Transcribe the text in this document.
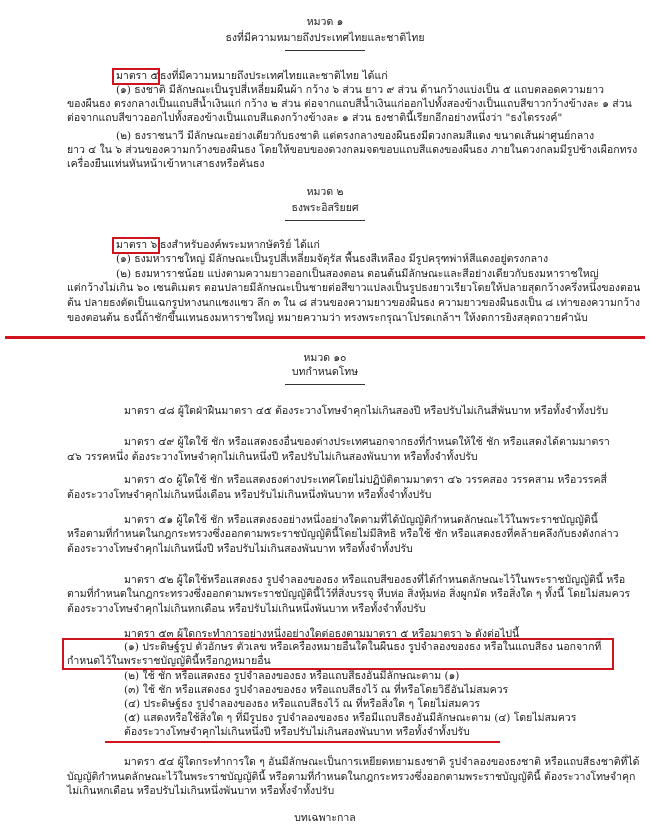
หมวด ๑
ธงที่มีความหมายถึงประเทศไทยและชาติไทย

มาตรา ๕ ธงที่มีความหมายถึงประเทศไทยและชาติไทย ได้แก่

(๑) ธงชาติ มีลักษณะเป็นรูปสี่เหลี่ยมผืนผ้า กว้าง ๖ ส่วน ยาว ๙ ส่วน ด้านกว้างแบ่งเป็น ๕ แถบตลอดความยาว

ของผืนธง ตรงกลางเป็นแถบสีน้ำเงินแก่ กว้าง ๒ ส่วน ต่อจากแถบสีน้ำเงินแก่ออกไปทั้งสองข้างเป็นแถบสีขาวกว้างข้างละ ๑ ส่วน

ต่อจากแถบสีขาวออกไปทั้งสองข้างเป็นแถบสีแดงกว้างข้างละ ๑ ส่วน ธงชาตินี้เรียกอีกอย่างหนึ่งว่า "ธงไตรรงค์"

(๒) ธงราชนาวี มีลักษณะอย่างเดียวกับธงชาติ แต่ตรงกลางของผืนธงมีดวงกลมสีแดง ขนาดเส้นผ่าศูนย์กลาง

ยาว ๔ ใน ๖ ส่วนของความกว้างของผืนธง โดยให้ขอบของดวงกลมจดขอบแถบสีแดงของผืนธง ภายในดวงกลมมีรูปช้างเผือกทรง

เครื่องยืนแท่นหันหน้าเข้าหาเสาธงหรือคันธง

หมวด ๒
ธงพระอิสริยยศ

มาตรา ๖ ธงสำหรับองค์พระมหากษัตริย์ ได้แก่

(๑) ธงมหาราชใหญ่ มีลักษณะเป็นรูปสี่เหลี่ยมจัตุรัส พื้นธงสีเหลือง มีรูปครุฑพ่าห์สีแดงอยู่ตรงกลาง

(๒) ธงมหาราชน้อย แบ่งตามความยาวออกเป็นสองตอน ตอนต้นมีลักษณะและสีอย่างเดียวกับธงมหาราชใหญ่

แต่กว้างไม่เกิน ๖๐ เซนติเมตร ตอนปลายมีลักษณะเป็นชายต่อสีขาวแปลงเป็นรูปธงยาวเรียวโดยให้ปลายสุดกว้างครึ่งหนึ่งของตอน

ต้น ปลายธงตัดเป็นแฉกรูปหางนกแซงแซว ลึก ๓ ใน ๘ ส่วนของความยาวของผืนธง ความยาวของผืนธงเป็น ๘ เท่าของความกว้าง

ของตอนต้น ธงนี้ถ้าชักขึ้นแทนธงมหาราชใหญ่ หมายความว่า ทรงพระกรุณาโปรดเกล้าฯ ให้งดการยิงสลุตถวายคำนับ

หมวด ๑๐
บทกำหนดโทษ

มาตรา ๔๘ ผู้ใดฝ่าฝืนมาตรา ๔๕ ต้องระวางโทษจำคุกไม่เกินสองปี หรือปรับไม่เกินสี่พันบาท หรือทั้งจำทั้งปรับ

มาตรา ๔๙ ผู้ใดใช้ ชัก หรือแสดงธงอื่นของต่างประเทศนอกจากธงที่กำหนดให้ใช้ ชัก หรือแสดงได้ตามมาตรา

๔๖ วรรคหนึ่ง ต้องระวางโทษจำคุกไม่เกินหนึ่งปี หรือปรับไม่เกินสองพันบาท หรือทั้งจำทั้งปรับ

มาตรา ๕๐ ผู้ใดใช้ ชัก หรือแสดงธงต่างประเทศโดยไม่ปฏิบัติตามมาตรา ๔๖ วรรคสอง วรรคสาม หรือวรรคสี่

ต้องระวางโทษจำคุกไม่เกินหนึ่งเดือน หรือปรับไม่เกินหนึ่งพันบาท หรือทั้งจำทั้งปรับ

มาตรา ๕๑ ผู้ใดใช้ ชัก หรือแสดงธงอย่างหนึ่งอย่างใดตามที่ได้บัญญัติกำหนดลักษณะไว้ในพระราชบัญญัตินี้

หรือตามที่กำหนดในกฎกระทรวงซึ่งออกตามพระราชบัญญัตินี้โดยไม่มีสิทธิ หรือใช้ ชัก หรือแสดงธงที่คล้ายคลึงกับธงดังกล่าว

ต้องระวางโทษจำคุกไม่เกินหนึ่งปี หรือปรับไม่เกินสองพันบาท หรือทั้งจำทั้งปรับ

มาตรา ๕๒ ผู้ใดใช้หรือแสดงธง รูปจำลองของธง หรือแถบสีของธงที่ได้กำหนดลักษณะไว้ในพระราชบัญญัตินี้ หรือ

ตามที่กำหนดในกฎกระทรวงซึ่งออกตามพระราชบัญญัตินี้ไว้ที่สิ่งบรรจุ หีบห่อ สิ่งหุ้มห่อ สิ่งผูกมัด หรือสิ่งใด ๆ ทั้งนี้ โดยไม่สมควร

ต้องระวางโทษจำคุกไม่เกินหกเดือน หรือปรับไม่เกินหนึ่งพันบาท หรือทั้งจำทั้งปรับ

มาตรา ๕๓ ผู้ใดกระทำการอย่างหนึ่งอย่างใดต่อธงตามมาตรา ๕ หรือมาตรา ๖ ดังต่อไปนี้

(๑) ประดิษฐ์รูป ตัวอักษร ตัวเลข หรือเครื่องหมายอื่นใดในผืนธง รูปจำลองของธง หรือในแถบสีธง นอกจากที่

กำหนดไว้ในพระราชบัญญัตินี้หรือกฎหมายอื่น

(๒) ใช้ ชัก หรือแสดงธง รูปจำลองของธง หรือแถบสีธงอันมีลักษณะตาม (๑)

(๓) ใช้ ชัก หรือแสดงธง รูปจำลองของธง หรือแถบสีธงไว้ ณ ที่หรือโดยวิธีอันไม่สมควร

(๔) ประดิษฐ์ธง รูปจำลองของธง หรือแถบสีธงไว้ ณ ที่หรือสิ่งใด ๆ โดยไม่สมควร

(๕) แสดงหรือใช้สิ่งใด ๆ ที่มีรูปธง รูปจำลองของธง หรือมีแถบสีธงอันมีลักษณะตาม (๔) โดยไม่สมควร

ต้องระวางโทษจำคุกไม่เกินหนึ่งปี หรือปรับไม่เกินสองพันบาท หรือทั้งจำทั้งปรับ

มาตรา ๕๔ ผู้ใดกระทำการใด ๆ อันมีลักษณะเป็นการเหยียดหยามธงชาติ รูปจำลองของธงชาติ หรือแถบสีธงชาติที่ได้

บัญญัติกำหนดลักษณะไว้ในพระราชบัญญัตินี้ หรือตามที่กำหนดในกฎกระทรวงซึ่งออกตามพระราชบัญญัตินี้ ต้องระวางโทษจำคุก

ไม่เกินหกเดือน หรือปรับไม่เกินหนึ่งพันบาท หรือทั้งจำทั้งปรับ

บทเฉพาะกาล
